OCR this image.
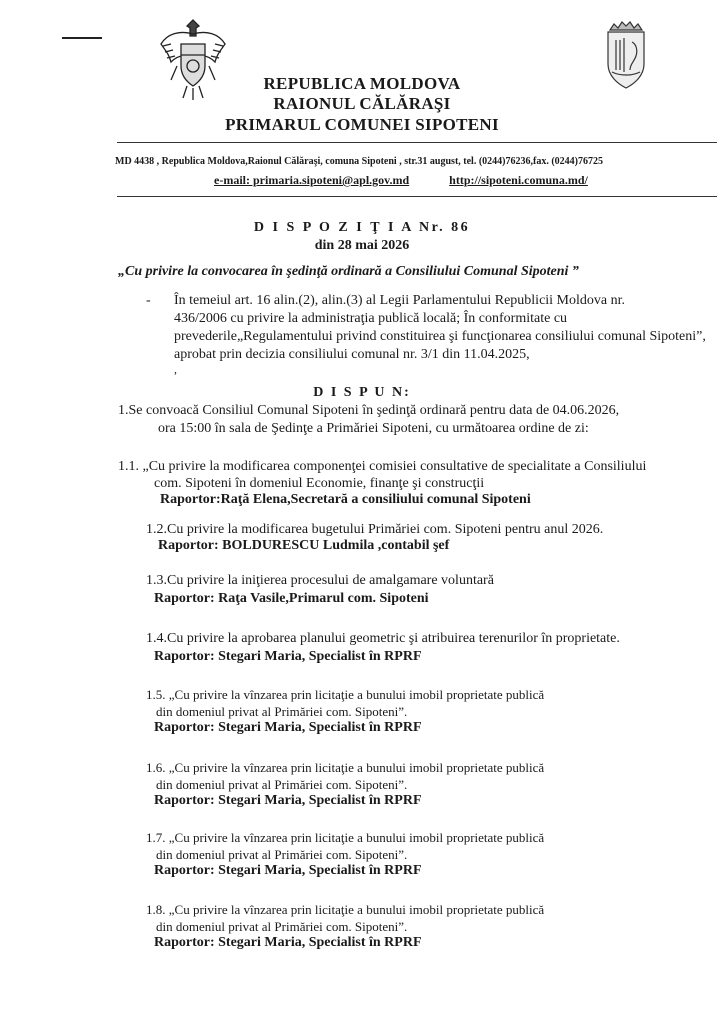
REPUBLICA MOLDOVA
RAIONUL CĂLĂRAŞI
PRIMARUL COMUNEI SIPOTENI
MD 4438 , Republica Moldova,Raionul Călăraşi, comuna Sipoteni , str.31 august, tel. (0244)76236,fax. (0244)76725
e-mail: primaria.sipoteni@apl.gov.md	http://sipoteni.comuna.md/
D I S P O Z I Ţ I A Nr. 86
din 28 mai 2026
„Cu privire la convocarea în şedinţă ordinară a Consiliului Comunal Sipoteni ”
- În temeiul art. 16 alin.(2), alin.(3) al Legii Parlamentului Republicii Moldova nr.
436/2006 cu privire la administraţia publică locală; În conformitate cu
prevederile„Regulamentului privind constituirea şi funcţionarea consiliului comunal Sipoteni”,
aprobat prin decizia consiliului comunal nr. 3/1 din 11.04.2025,
,
D I S P U N:
1.Se convoacă Consiliul Comunal Sipoteni în şedinţă ordinară pentru data de 04.06.2026,
ora 15:00 în sala de Şedinţe a Primăriei Sipoteni, cu următoarea ordine de zi:
1.1. „Cu privire la modificarea componenţei comisiei consultative de specialitate a Consiliului
com. Sipoteni în domeniul Economie, finanţe şi construcţii
Raportor:Raţă Elena,Secretară a consiliului comunal Sipoteni
1.2.Cu privire la modificarea bugetului Primăriei com. Sipoteni pentru anul 2026.
Raportor: BOLDURESCU Ludmila ,contabil şef
1.3.Cu privire la iniţierea procesului de amalgamare voluntară
Raportor: Raţa Vasile,Primarul com. Sipoteni
1.4.Cu privire la aprobarea planului geometric şi atribuirea terenurilor în proprietate.
Raportor: Stegari Maria, Specialist în RPRF
1.5. „Cu privire la vînzarea prin licitaţie a bunului imobil proprietate publică
din domeniul privat al Primăriei com. Sipoteni”.
Raportor: Stegari Maria, Specialist în RPRF
1.6. „Cu privire la vînzarea prin licitaţie a bunului imobil proprietate publică
din domeniul privat al Primăriei com. Sipoteni”.
Raportor: Stegari Maria, Specialist în RPRF
1.7. „Cu privire la vînzarea prin licitaţie a bunului imobil proprietate publică
din domeniul privat al Primăriei com. Sipoteni”.
Raportor: Stegari Maria, Specialist în RPRF
1.8. „Cu privire la vînzarea prin licitaţie a bunului imobil proprietate publică
din domeniul privat al Primăriei com. Sipoteni”.
Raportor: Stegari Maria, Specialist în RPRF
